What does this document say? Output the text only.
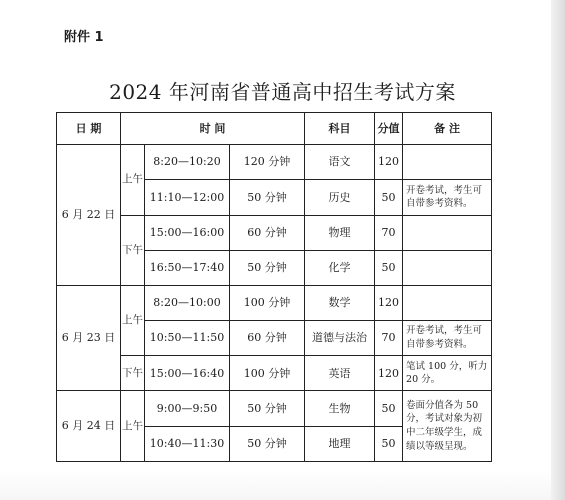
附件 1
2024 年河南省普通高中招生考试方案
日 期	时 间			科目	分值	备 注
6 月 22 日	上午	8:20—10:20	120 分钟	语文	120	
		11:10—12:00	50 分钟	历史	50	开卷考试，考生可自带参考资料。
	下午	15:00—16:00	60 分钟	物理	70	
		16:50—17:40	50 分钟	化学	50	
6 月 23 日	上午	8:20—10:00	100 分钟	数学	120	
		10:50—11:50	60 分钟	道德与法治	70	开卷考试，考生可自带参考资料。
	下午	15:00—16:40	100 分钟	英语	120	笔试 100 分，听力 20 分。
6 月 24 日	上午	9:00—9:50	50 分钟	生物	50	卷面分值各为 50 分，考试对象为初中二年级学生，成绩以等级呈现。
		10:40—11:30	50 分钟	地理	50	
